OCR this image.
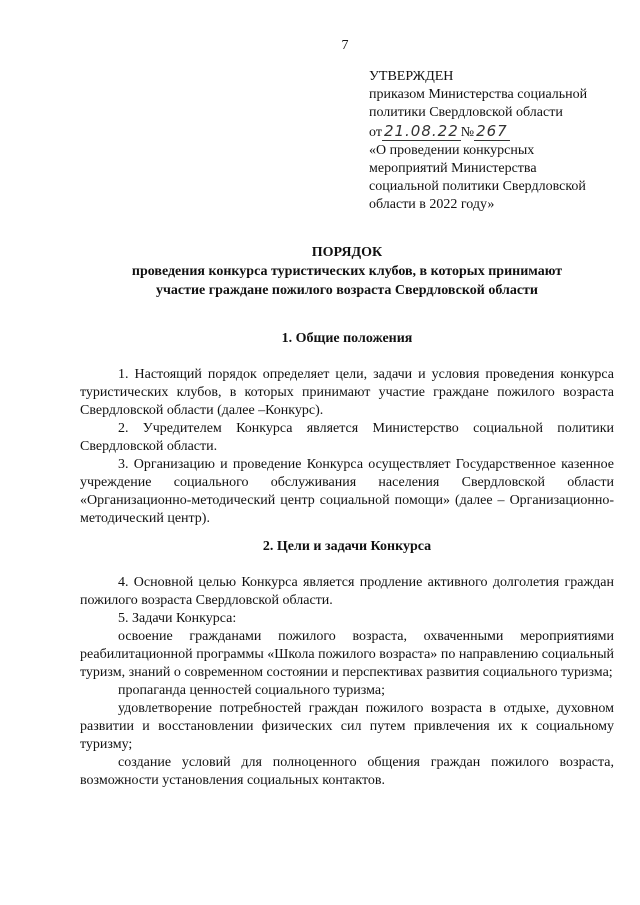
7
УТВЕРЖДЕН
приказом Министерства социальной
политики Свердловской области
от 21.08.22 № 267
«О проведении конкурсных
мероприятий Министерства
социальной политики Свердловской
области в 2022 году»
ПОРЯДОК
проведения конкурса туристических клубов, в которых принимают
участие граждане пожилого возраста Свердловской области
1. Общие положения

1. Настоящий порядок определяет цели, задачи и условия проведения конкурса туристических клубов, в которых принимают участие граждане пожилого возраста Свердловской области (далее –Конкурс).

2. Учредителем Конкурса является Министерство социальной политики Свердловской области.

3. Организацию и проведение Конкурса осуществляет Государственное казенное учреждение социального обслуживания населения Свердловской области «Организационно-методический центр социальной помощи» (далее – Организационно-методический центр).

2. Цели и задачи Конкурса

4. Основной целью Конкурса является продление активного долголетия граждан пожилого возраста Свердловской области.

5. Задачи Конкурса:

освоение гражданами пожилого возраста, охваченными мероприятиями реабилитационной программы «Школа пожилого возраста» по направлению социальный туризм, знаний о современном состоянии и перспективах развития социального туризма;

пропаганда ценностей социального туризма;

удовлетворение потребностей граждан пожилого возраста в отдыхе, духовном развитии и восстановлении физических сил путем привлечения их к социальному туризму;

создание условий для полноценного общения граждан пожилого возраста, возможности установления социальных контактов.
